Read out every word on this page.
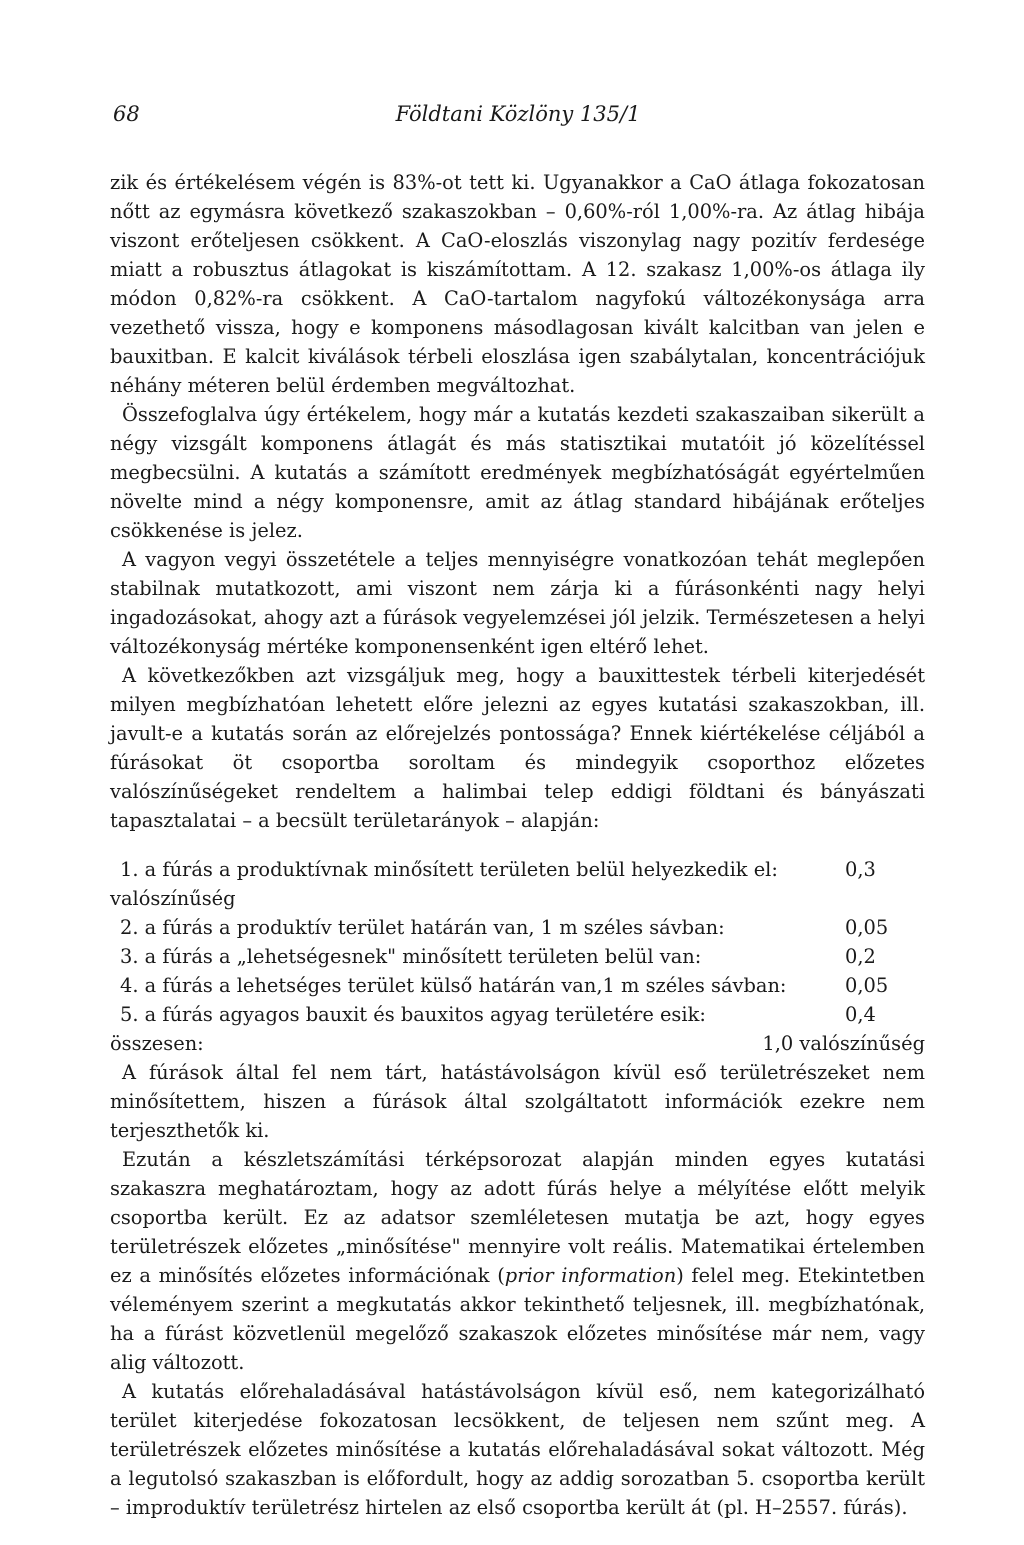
68	Földtani Közlöny 135/1

zik és értékelésem végén is 83%-ot tett ki. Ugyanakkor a CaO átlaga fokozatosan nőtt az egymásra következő szakaszokban – 0,60%-ról 1,00%-ra. Az átlag hibája viszont erőteljesen csökkent. A CaO-eloszlás viszonylag nagy pozitív ferdesége miatt a robusztus átlagokat is kiszámítottam. A 12. szakasz 1,00%-os átlaga ily módon 0,82%-ra csökkent. A CaO-tartalom nagyfokú változékonysága arra vezethető vissza, hogy e komponens másodlagosan kivált kalcitban van jelen e bauxitban. E kalcit kiválások térbeli eloszlása igen szabálytalan, koncentrációjuk néhány méteren belül érdemben megváltozhat.

Összefoglalva úgy értékelem, hogy már a kutatás kezdeti szakaszaiban sikerült a négy vizsgált komponens átlagát és más statisztikai mutatóit jó közelítéssel megbecsülni. A kutatás a számított eredmények megbízhatóságát egyértelműen növelte mind a négy komponensre, amit az átlag standard hibájának erőteljes csökkenése is jelez.

A vagyon vegyi összetétele a teljes mennyiségre vonatkozóan tehát meglepően stabilnak mutatkozott, ami viszont nem zárja ki a fúrásonkénti nagy helyi ingadozásokat, ahogy azt a fúrások vegyelemzései jól jelzik. Természetesen a helyi változékonyság mértéke komponensenként igen eltérő lehet.

A következőkben azt vizsgáljuk meg, hogy a bauxittestek térbeli kiterjedését milyen megbízhatóan lehetett előre jelezni az egyes kutatási szakaszokban, ill. javult-e a kutatás során az előrejelzés pontossága? Ennek kiértékelése céljából a fúrásokat öt csoportba soroltam és mindegyik csoporthoz előzetes valószínűségeket rendeltem a halimbai telep eddigi földtani és bányászati tapasztalatai – a becsült területarányok – alapján:

1. a fúrás a produktívnak minősített területen belül helyezkedik el:	0,3

valószínűség

2. a fúrás a produktív terület határán van, 1 m széles sávban:	0,05
3. a fúrás a „lehetségesnek" minősített területen belül van:	0,2
4. a fúrás a lehetséges terület külső határán van,1 m széles sávban:	0,05
5. a fúrás agyagos bauxit és bauxitos agyag területére esik:	0,4
összesen:	1,0 valószínűség

A fúrások által fel nem tárt, hatástávolságon kívül eső területrészeket nem minősítettem, hiszen a fúrások által szolgáltatott információk ezekre nem terjeszthetők ki.

Ezután a készletszámítási térképsorozat alapján minden egyes kutatási szakaszra meghatároztam, hogy az adott fúrás helye a mélyítése előtt melyik csoportba került. Ez az adatsor szemléletesen mutatja be azt, hogy egyes területrészek előzetes „minősítése" mennyire volt reális. Matematikai értelemben ez a minősítés előzetes információnak (prior information) felel meg. Etekintetben véleményem szerint a megkutatás akkor tekinthető teljesnek, ill. megbízhatónak, ha a fúrást közvetlenül megelőző szakaszok előzetes minősítése már nem, vagy alig változott.

A kutatás előrehaladásával hatástávolságon kívül eső, nem kategorizálható terület kiterjedése fokozatosan lecsökkent, de teljesen nem szűnt meg. A területrészek előzetes minősítése a kutatás előrehaladásával sokat változott. Még a legutolsó szakaszban is előfordult, hogy az addig sorozatban 5. csoportba került – improduktív területrész hirtelen az első csoportba került át (pl. H–2557. fúrás).
